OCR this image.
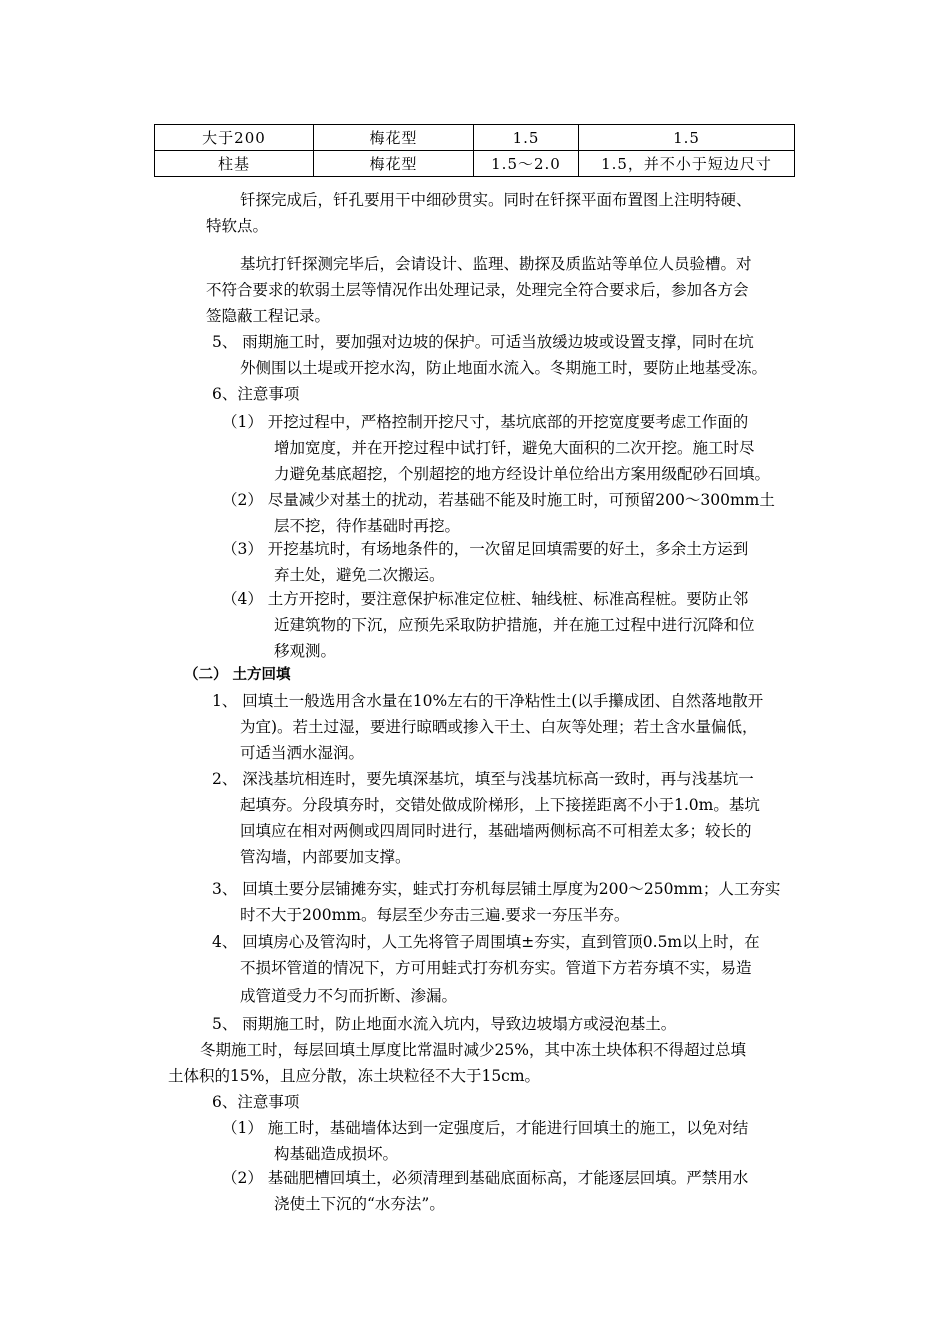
大于200	梅花型	1.5	1.5
柱基	梅花型	1.5～2.0	1.5，并不小于短边尺寸
钎探完成后，钎孔要用干中细砂贯实。同时在钎探平面布置图上注明特硬、
特软点。
基坑打钎探测完毕后，会请设计、监理、勘探及质监站等单位人员验槽。对
不符合要求的软弱土层等情况作出处理记录，处理完全符合要求后，参加各方会
签隐蔽工程记录。
5、 雨期施工时，要加强对边坡的保护。可适当放缓边坡或设置支撑，同时在坑
外侧围以土堤或开挖水沟，防止地面水流入。冬期施工时，要防止地基受冻。
6、注意事项
（1） 开挖过程中，严格控制开挖尺寸，基坑底部的开挖宽度要考虑工作面的
增加宽度，并在开挖过程中试打钎，避免大面积的二次开挖。施工时尽
力避免基底超挖，个别超挖的地方经设计单位给出方案用级配砂石回填。
（2） 尽量减少对基土的扰动，若基础不能及时施工时，可预留200～300mm土
层不挖，待作基础时再挖。
（3） 开挖基坑时，有场地条件的，一次留足回填需要的好土，多余土方运到
弃土处，避免二次搬运。
（4） 土方开挖时，要注意保护标准定位桩、轴线桩、标准高程桩。要防止邻
近建筑物的下沉，应预先采取防护措施，并在施工过程中进行沉降和位
移观测。
（二） 土方回填
1、 回填土一般选用含水量在10%左右的干净粘性土(以手攥成团、自然落地散开
为宜)。若土过湿，要进行晾晒或掺入干土、白灰等处理；若土含水量偏低，
可适当洒水湿润。
2、 深浅基坑相连时，要先填深基坑，填至与浅基坑标高一致时，再与浅基坑一
起填夯。分段填夯时，交错处做成阶梯形，上下接搓距离不小于1.0m。基坑
回填应在相对两侧或四周同时进行，基础墙两侧标高不可相差太多；较长的
管沟墙，内部要加支撑。
3、 回填土要分层铺摊夯实，蛙式打夯机每层铺土厚度为200～250mm；人工夯实
时不大于200mm。每层至少夯击三遍.要求一夯压半夯。
4、 回填房心及管沟时，人工先将管子周围填±夯实，直到管顶0.5m以上时，在
不损坏管道的情况下，方可用蛙式打夯机夯实。管道下方若夯填不实，易造
成管道受力不匀而折断、渗漏。
5、 雨期施工时，防止地面水流入坑内，导致边坡塌方或浸泡基土。
冬期施工时，每层回填土厚度比常温时减少25%，其中冻土块体积不得超过总填
土体积的15%，且应分散，冻土块粒径不大于15cm。
6、注意事项
（1） 施工时，基础墙体达到一定强度后，才能进行回填土的施工，以免对结
构基础造成损坏。
（2） 基础肥槽回填土，必须清理到基础底面标高，才能逐层回填。严禁用水
浇使土下沉的“水夯法”。
